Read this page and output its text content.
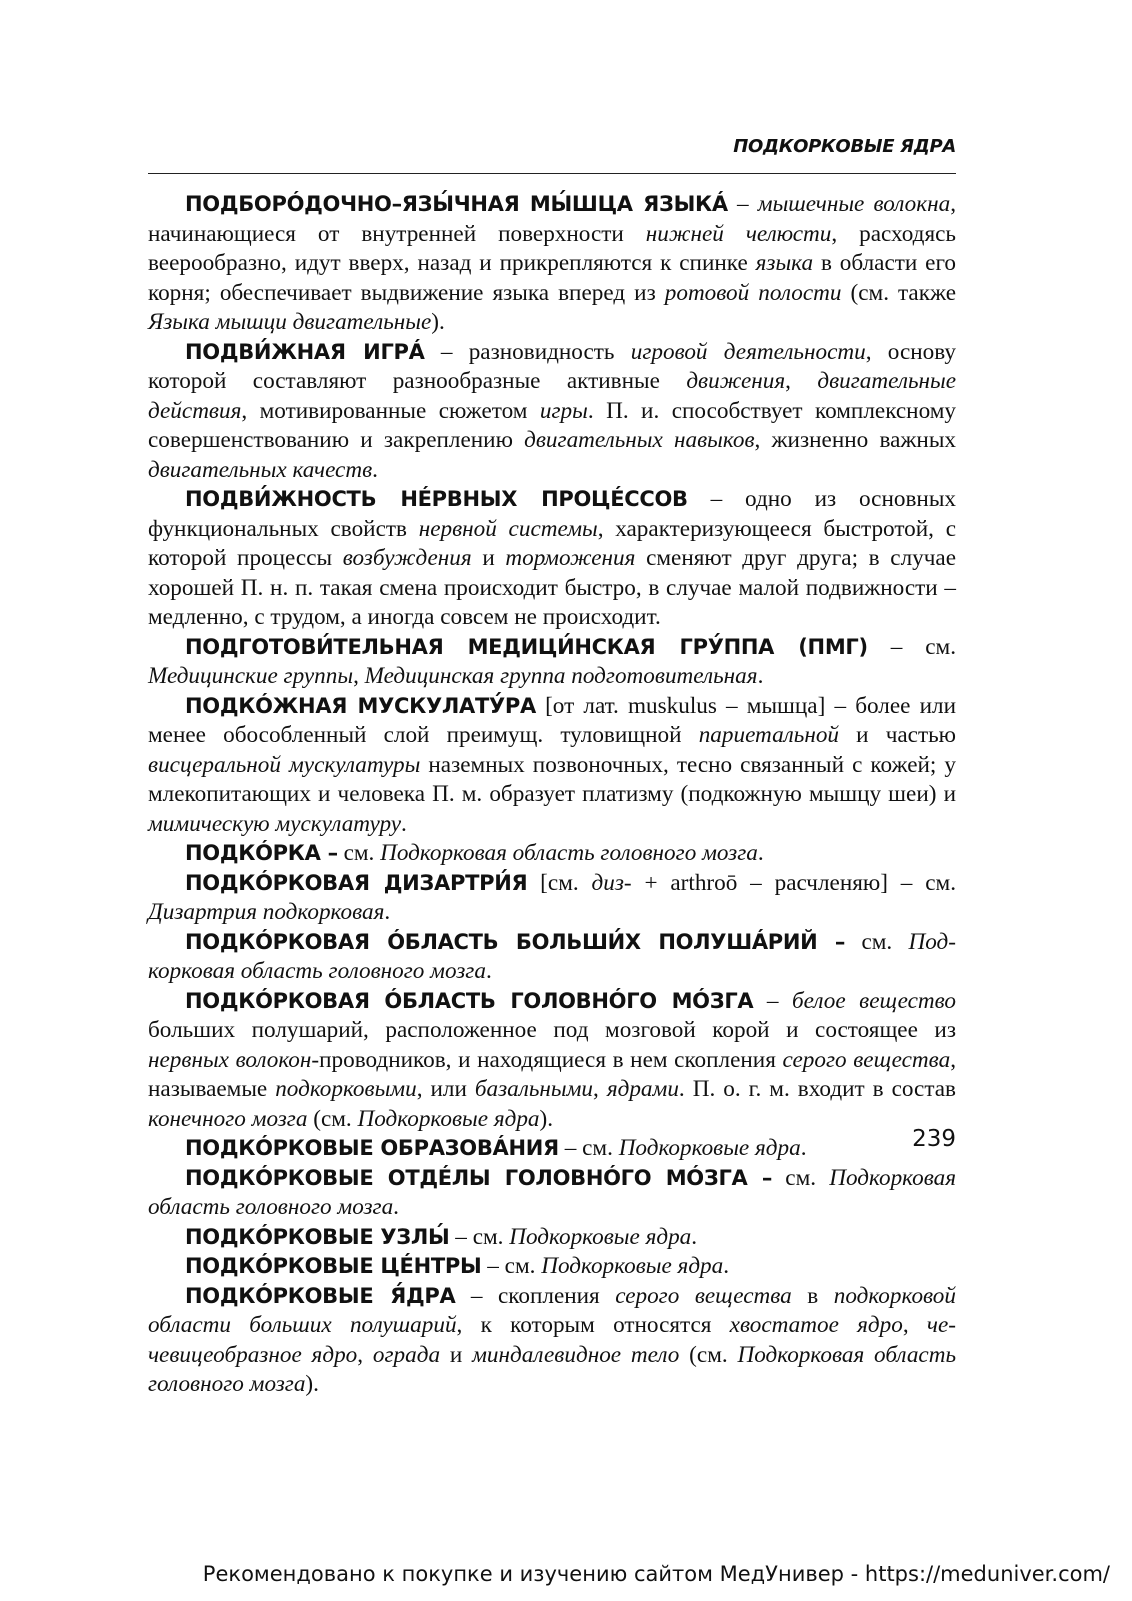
ПОДКОРКОВЫЕ ЯДРА

ПОДБОРÓДОЧНО–ЯЗЫ́ЧНАЯ МЫ́ШЦА ЯЗЫКÁ – мышечные волокна, начинающиеся от внутренней поверхности нижней челюсти, расходясь веерообразно, идут вверх, назад и прикрепляются к спинке языка в области его корня; обеспечивает выдвижение языка вперед из ротовой полости (см. также Языка мышци двигательные).

ПОДВИ́ЖНАЯ ИГРÁ – разновидность игровой деятельности, основу которой составляют разнообразные активные движения, двигательные действия, мотивированные сюжетом игры. П. и. способствует комплексному совершенствованию и закреплению двигательных навыков, жизненно важных двигательных качеств.

ПОДВИ́ЖНОСТЬ НÉРВНЫХ ПРОЦÉССОВ – одно из основных функциональных свойств нервной системы, характеризующееся быстротой, с которой процессы возбуждения и торможения сменяют друг друга; в случае хорошей П. н. п. такая смена происходит быстро, в случае малой подвижности – медленно, с трудом, а иногда совсем не происходит.

ПОДГОТОВИ́ТЕЛЬНАЯ МЕДИЦИ́НСКАЯ ГРУ́ППА (ПМГ) – см. Медицинские группы, Медицинская группа подготовительная.

ПОДКÓЖНАЯ МУСКУЛАТУ́РА [от лат. muskulus – мышца] – более или менее обособленный слой преимущ. туловищной париетальной и частью висцеральной мускулатуры наземных позвоночных, тесно связанный с кожей; у млекопитающих и человека П. м. образует платизму (подкожную мышцу шеи) и мимическую мускулатуру.

ПОДКÓРКА – см. Подкорковая область головного мозга.

ПОДКÓРКОВАЯ ДИЗАРТРИ́Я [см. диз- + arthroō – расчленяю] – см. Дизартрия подкорковая.

ПОДКÓРКОВАЯ ÓБЛАСТЬ БОЛЬШИ́Х ПОЛУШÁРИЙ – см. Подкорковая область головного мозга.

ПОДКÓРКОВАЯ ÓБЛАСТЬ ГОЛОВНÓГО МÓЗГА – белое вещество больших полушарий, расположенное под мозговой корой и состоящее из нервных волокон-проводников, и находящиеся в нем скопления серого вещества, называемые подкорковыми, или базальными, ядрами. П. о. г. м. входит в состав конечного мозга (см. Подкорковые ядра).

ПОДКÓРКОВЫЕ ОБРАЗОВÁНИЯ – см. Подкорковые ядра.

ПОДКÓРКОВЫЕ ОТДÉЛЫ ГОЛОВНÓГО МÓЗГА – см. Подкорковая область головного мозга.

ПОДКÓРКОВЫЕ УЗЛЫ́ – см. Подкорковые ядра.

ПОДКÓРКОВЫЕ ЦÉНТРЫ – см. Подкорковые ядра.

ПОДКÓРКОВЫЕ Я́ДРА – скопления серого вещества в подкорковой области больших полушарий, к которым относятся хвостатое ядро, чечевицеобразное ядро, ограда и миндалевидное тело (см. Подкорковая область головного мозга).

239
Рекомендовано к покупке и изучению сайтом МедУнивер - https://meduniver.com/
